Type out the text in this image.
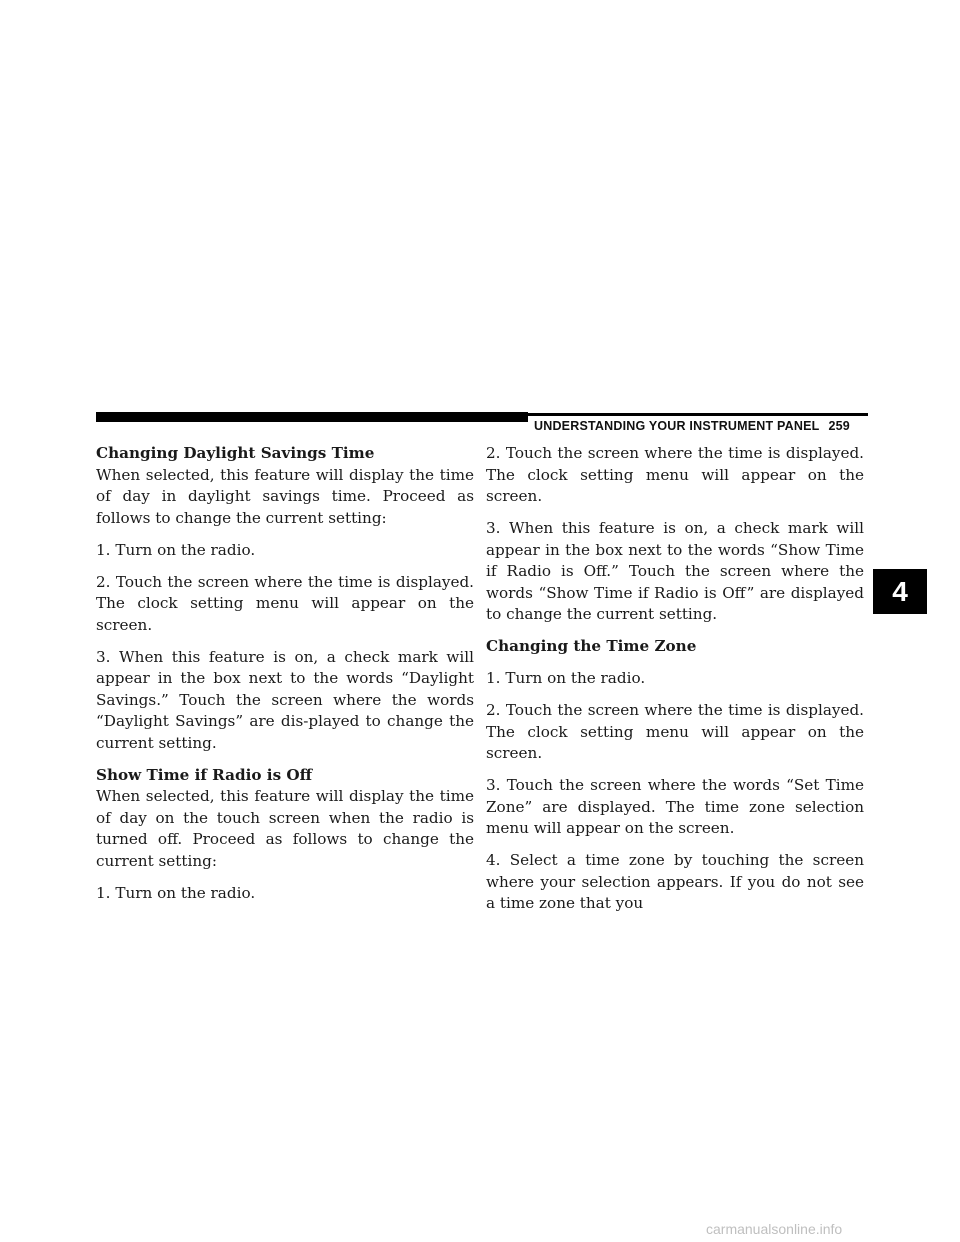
UNDERSTANDING YOUR INSTRUMENT PANEL 259
Changing Daylight Savings Time

When selected, this feature will display the time of day in daylight savings time. Proceed as follows to change the current setting:

1. Turn on the radio.

2. Touch the screen where the time is displayed. The clock setting menu will appear on the screen.

3. When this feature is on, a check mark will appear in the box next to the words “Daylight Savings.” Touch the screen where the words “Daylight Savings” are dis-played to change the current setting.

Show Time if Radio is Off

When selected, this feature will display the time of day on the touch screen when the radio is turned off. Proceed as follows to change the current setting:

1. Turn on the radio.

2. Touch the screen where the time is displayed. The clock setting menu will appear on the screen.

3. When this feature is on, a check mark will appear in the box next to the words “Show Time if Radio is Off.” Touch the screen where the words “Show Time if Radio is Off” are displayed to change the current setting.

Changing the Time Zone

1. Turn on the radio.

2. Touch the screen where the time is displayed. The clock setting menu will appear on the screen.

3. Touch the screen where the words “Set Time Zone” are displayed. The time zone selection menu will appear on the screen.

4. Select a time zone by touching the screen where your selection appears. If you do not see a time zone that you

4
carmanualsonline.info
